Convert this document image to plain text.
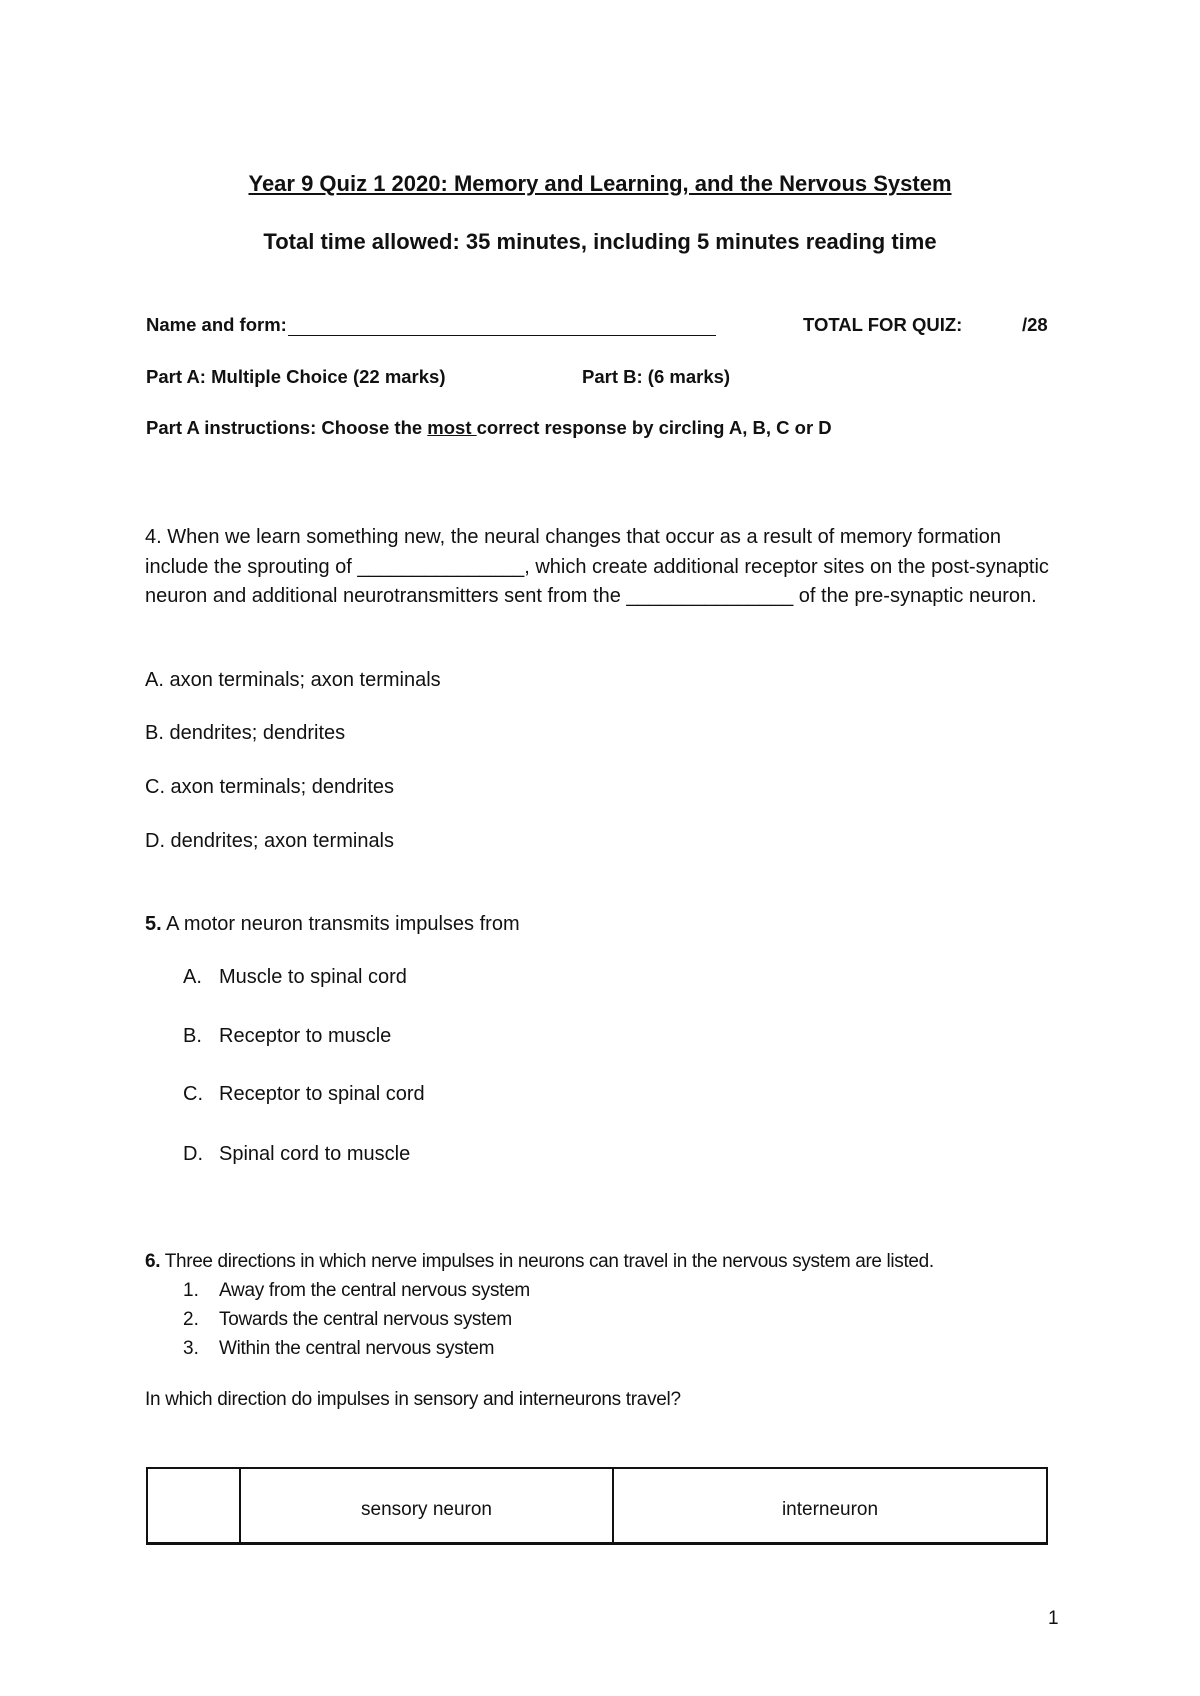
Year 9 Quiz 1 2020: Memory and Learning, and the Nervous System
Total time allowed: 35 minutes, including 5 minutes reading time
Name and form:	TOTAL FOR QUIZ:	/28
Part A: Multiple Choice (22 marks)	Part B: (6 marks)
Part A instructions: Choose the most correct response by circling A, B, C or D
4. When we learn something new, the neural changes that occur as a result of memory formation include the sprouting of _______________, which create additional receptor sites on the post-synaptic neuron and additional neurotransmitters sent from the _______________ of the pre-synaptic neuron.
A. axon terminals; axon terminals
B. dendrites; dendrites
C. axon terminals; dendrites
D. dendrites; axon terminals
5. A motor neuron transmits impulses from
A. Muscle to spinal cord
B. Receptor to muscle
C. Receptor to spinal cord
D. Spinal cord to muscle
6. Three directions in which nerve impulses in neurons can travel in the nervous system are listed.
1. Away from the central nervous system
2. Towards the central nervous system
3. Within the central nervous system
In which direction do impulses in sensory and interneurons travel?
sensory neuron	interneuron
1
